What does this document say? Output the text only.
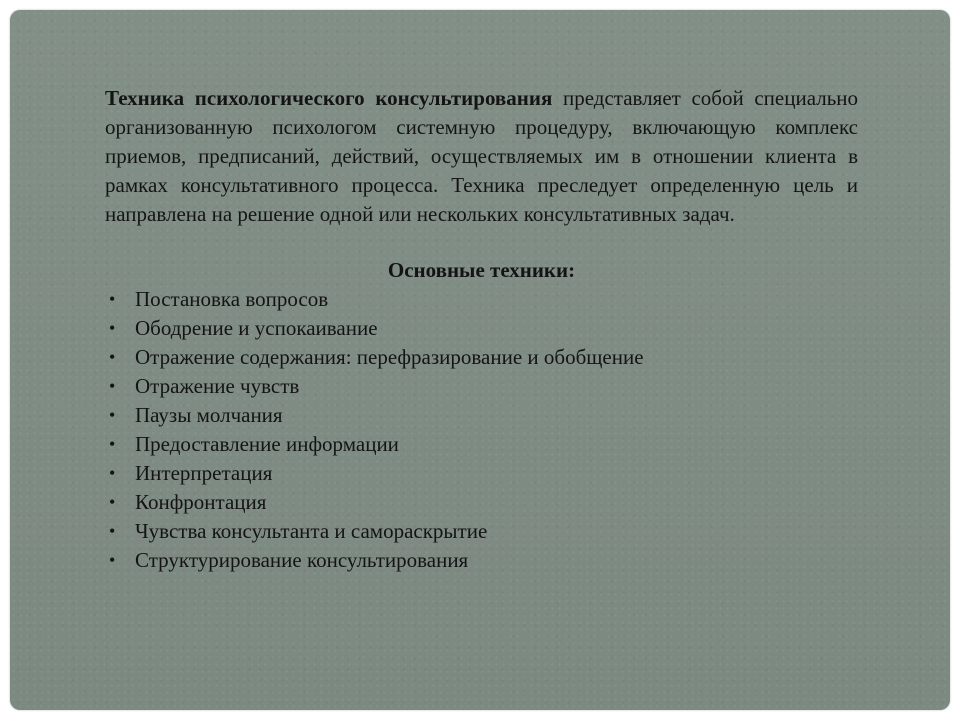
Техника психологического консультирования представляет собой специально организованную психологом системную процедуру, включающую комплекс приемов, предписаний, действий, осуществляемых им в отношении клиента в рамках консультативного процесса. Техника преследует определенную цель и направлена на решение одной или нескольких консультативных задач.

Основные техники:

• Постановка вопросов
• Ободрение и успокаивание
• Отражение содержания: перефразирование и обобщение
• Отражение чувств
• Паузы молчания
• Предоставление информации
• Интерпретация
• Конфронтация
• Чувства консультанта и самораскрытие
• Структурирование консультирования
